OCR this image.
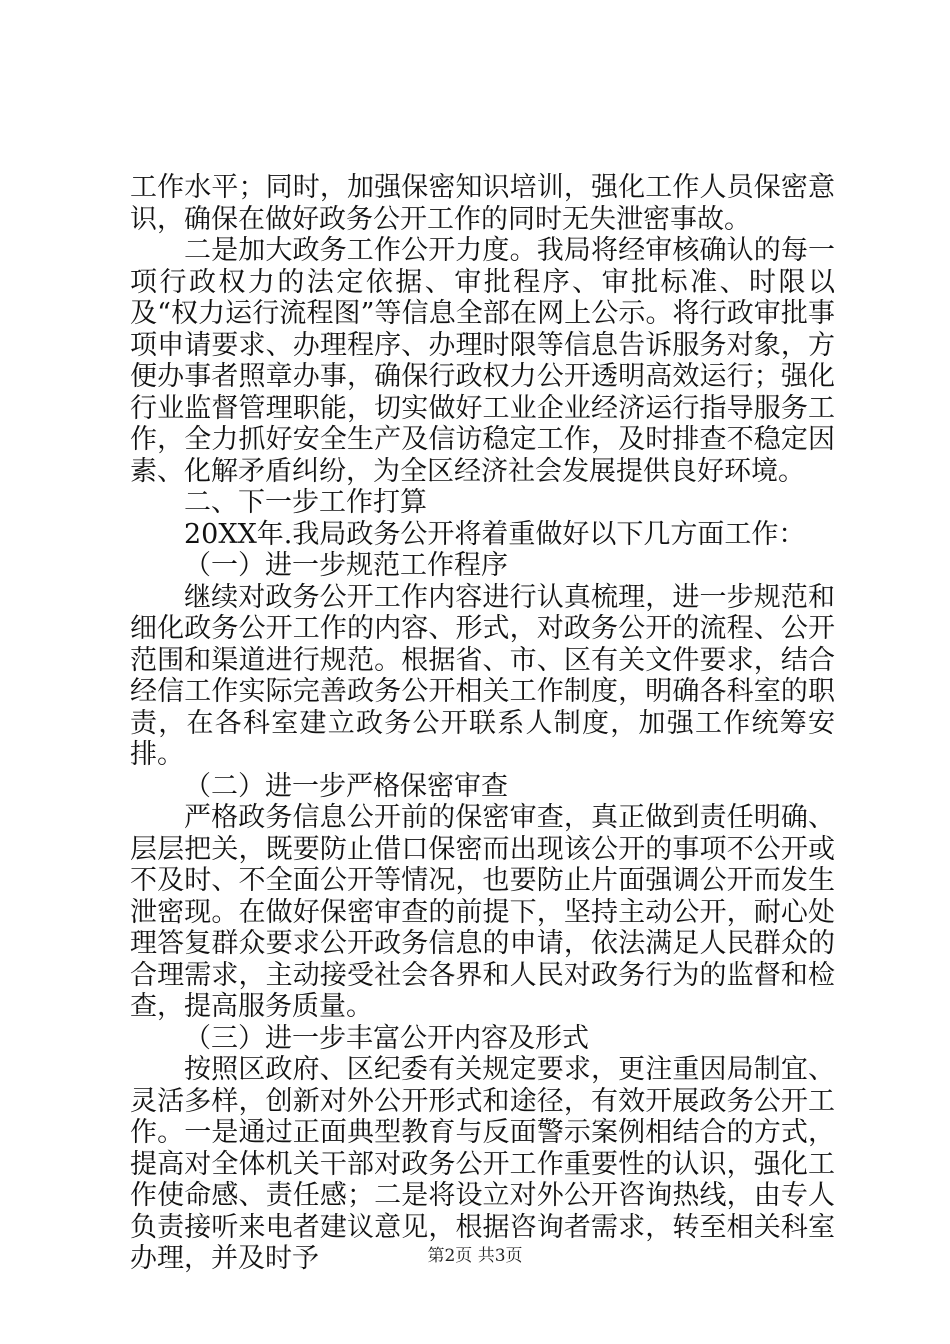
工作水平；同时，加强保密知识培训，强化工作人员保密意识，确保在做好政务公开工作的同时无失泄密事故。

二是加大政务工作公开力度。我局将经审核确认的每一项行政权力的法定依据、审批程序、审批标准、时限以及“权力运行流程图”等信息全部在网上公示。将行政审批事项申请要求、办理程序、办理时限等信息告诉服务对象，方便办事者照章办事，确保行政权力公开透明高效运行；强化行业监督管理职能，切实做好工业企业经济运行指导服务工作，全力抓好安全生产及信访稳定工作，及时排查不稳定因素、化解矛盾纠纷，为全区经济社会发展提供良好环境。

二、下一步工作打算

20XX年.我局政务公开将着重做好以下几方面工作：

（一）进一步规范工作程序

继续对政务公开工作内容进行认真梳理，进一步规范和细化政务公开工作的内容、形式，对政务公开的流程、公开范围和渠道进行规范。根据省、市、区有关文件要求，结合经信工作实际完善政务公开相关工作制度，明确各科室的职责，在各科室建立政务公开联系人制度，加强工作统筹安排。

（二）进一步严格保密审查

严格政务信息公开前的保密审查，真正做到责任明确、层层把关，既要防止借口保密而出现该公开的事项不公开或不及时、不全面公开等情况，也要防止片面强调公开而发生泄密现。在做好保密审查的前提下，坚持主动公开，耐心处理答复群众要求公开政务信息的申请，依法满足人民群众的合理需求，主动接受社会各界和人民对政务行为的监督和检查，提高服务质量。

（三）进一步丰富公开内容及形式

按照区政府、区纪委有关规定要求，更注重因局制宜、灵活多样，创新对外公开形式和途径，有效开展政务公开工作。一是通过正面典型教育与反面警示案例相结合的方式，提高对全体机关干部对政务公开工作重要性的认识，强化工作使命感、责任感；二是将设立对外公开咨询热线，由专人负责接听来电者建议意见，根据咨询者需求，转至相关科室办理，并及时予	第2页 共3页
